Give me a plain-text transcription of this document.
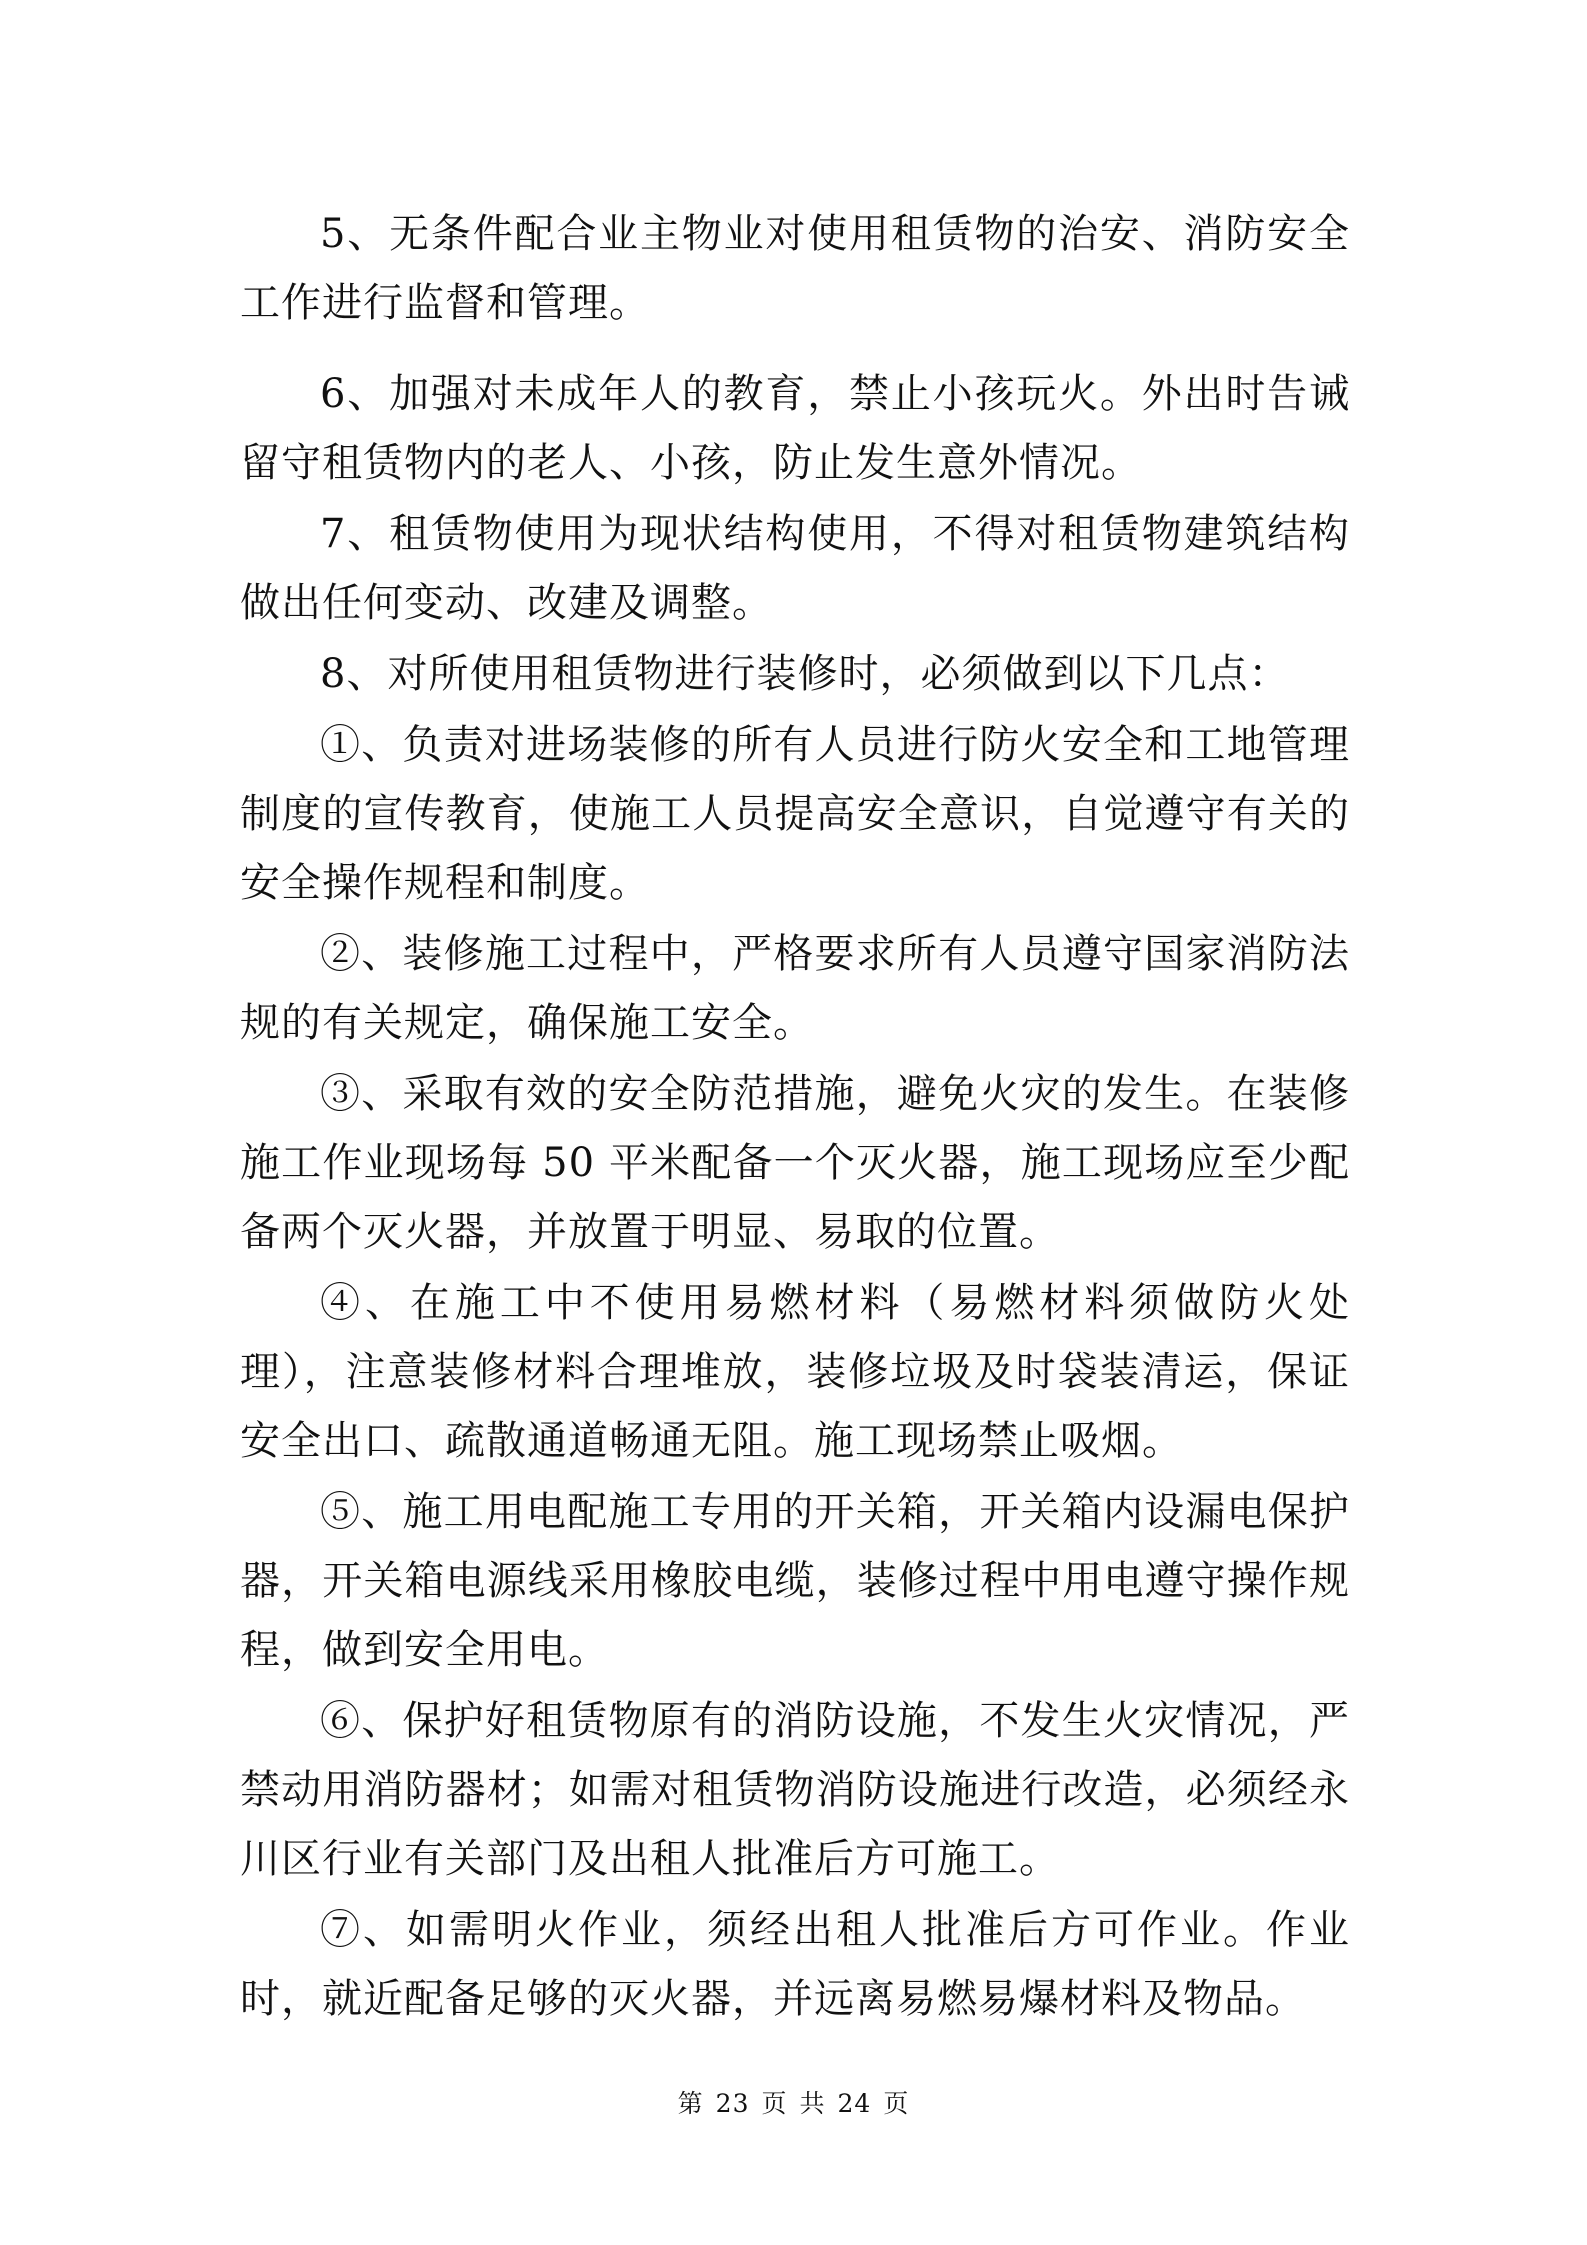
5、无条件配合业主物业对使用租赁物的治安、消防安全工作进行监督和管理。

6、加强对未成年人的教育，禁止小孩玩火。外出时告诫留守租赁物内的老人、小孩，防止发生意外情况。

7、租赁物使用为现状结构使用，不得对租赁物建筑结构做出任何变动、改建及调整。

8、对所使用租赁物进行装修时，必须做到以下几点：

①、负责对进场装修的所有人员进行防火安全和工地管理制度的宣传教育，使施工人员提高安全意识，自觉遵守有关的安全操作规程和制度。

②、装修施工过程中，严格要求所有人员遵守国家消防法规的有关规定，确保施工安全。

③、采取有效的安全防范措施，避免火灾的发生。在装修施工作业现场每 50 平米配备一个灭火器，施工现场应至少配备两个灭火器，并放置于明显、易取的位置。

④、在施工中不使用易燃材料（易燃材料须做防火处理），注意装修材料合理堆放，装修垃圾及时袋装清运，保证安全出口、疏散通道畅通无阻。施工现场禁止吸烟。

⑤、施工用电配施工专用的开关箱，开关箱内设漏电保护器，开关箱电源线采用橡胶电缆，装修过程中用电遵守操作规程，做到安全用电。

⑥、保护好租赁物原有的消防设施，不发生火灾情况，严禁动用消防器材；如需对租赁物消防设施进行改造，必须经永川区行业有关部门及出租人批准后方可施工。

⑦、如需明火作业，须经出租人批准后方可作业。作业时，就近配备足够的灭火器，并远离易燃易爆材料及物品。

第 23 页 共 24 页
